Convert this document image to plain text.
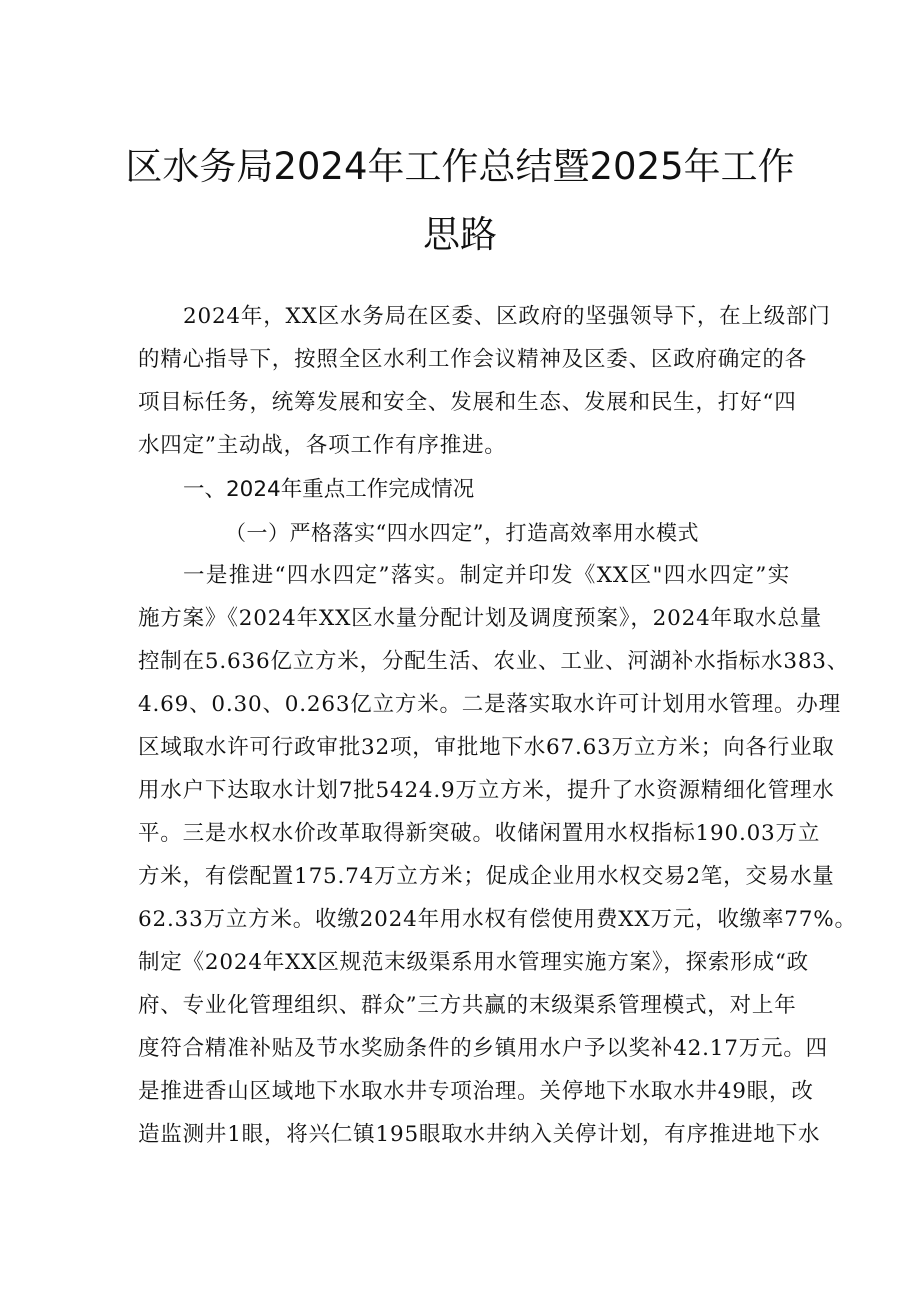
区水务局2024年工作总结暨2025年工作
思路
2024年，XX区水务局在区委、区政府的坚强领导下，在上级部门
的精心指导下，按照全区水利工作会议精神及区委、区政府确定的各
项目标任务，统筹发展和安全、发展和生态、发展和民生，打好“四
水四定”主动战，各项工作有序推进。
一、2024年重点工作完成情况
（一）严格落实“四水四定”，打造高效率用水模式
一是推进“四水四定”落实。制定并印发《XX区"四水四定”实
施方案》《2024年XX区水量分配计划及调度预案》，2024年取水总量
控制在5.636亿立方米，分配生活、农业、工业、河湖补水指标水383、
4.69、0.30、0.263亿立方米。二是落实取水许可计划用水管理。办理
区域取水许可行政审批32项，审批地下水67.63万立方米；向各行业取
用水户下达取水计划7批5424.9万立方米，提升了水资源精细化管理水
平。三是水权水价改革取得新突破。收储闲置用水权指标190.03万立
方米，有偿配置175.74万立方米；促成企业用水权交易2笔，交易水量
62.33万立方米。收缴2024年用水权有偿使用费XX万元，收缴率77%。
制定《2024年XX区规范末级渠系用水管理实施方案》，探索形成“政
府、专业化管理组织、群众”三方共赢的末级渠系管理模式，对上年
度符合精准补贴及节水奖励条件的乡镇用水户予以奖补42.17万元。四
是推进香山区域地下水取水井专项治理。关停地下水取水井49眼，改
造监测井1眼，将兴仁镇195眼取水井纳入关停计划，有序推进地下水
